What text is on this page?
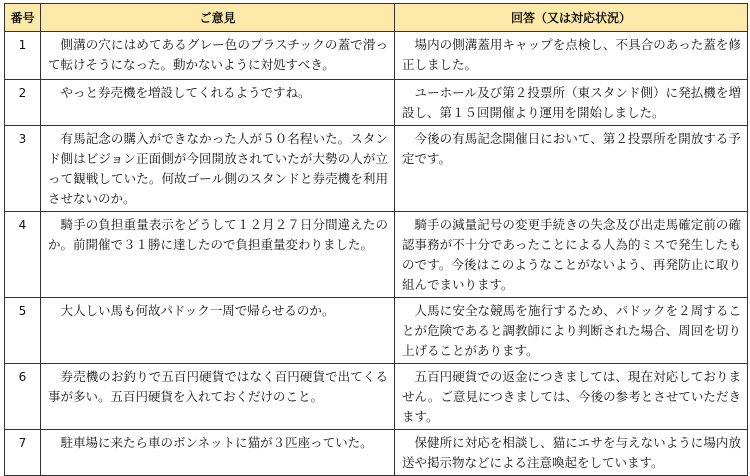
番号	ご意見	回答（又は対応状況）
1	側溝の穴にはめてあるグレー色のプラスチックの蓋で滑って転けそうになった。動かないように対処すべき。	場内の側溝蓋用キャップを点検し、不具合のあった蓋を修正しました。

2	やっと券売機を増設してくれるようですね。	ユーホール及び第２投票所（東スタンド側）に発払機を増設し、第１５回開催より運用を開始しました。

3	有馬記念の購入ができなかった人が５０名程いた。スタンド側はビジョン正面側が今回開放されていたが大勢の人が立って観戦していた。何故ゴール側のスタンドと券売機を利用させないのか。	今後の有馬記念開催日において、第２投票所を開放する予定です。

4	騎手の負担重量表示をどうして１２月２７日分間違えたのか。前開催で３１勝に達したので負担重量変わりました。	騎手の減量記号の変更手続きの失念及び出走馬確定前の確認事務が不十分であったことによる人為的ミスで発生したものです。今後はこのようなことがないよう、再発防止に取り組んでまいります。

5	大人しい馬も何故パドック一周で帰らせるのか。	人馬に安全な競馬を施行するため、パドックを２周することが危険であると調教師により判断された場合、周回を切り上げることがあります。

6	券売機のお釣りで五百円硬貨ではなく百円硬貨で出てくる事が多い。五百円硬貨を入れておくだけのこと。	五百円硬貨での返金につきましては、現在対応しておりません。ご意見につきましては、今後の参考とさせていただきます。

7	駐車場に来たら車のボンネットに猫が３匹座っていた。	保健所に対応を相談し、猫にエサを与えないように場内放送や掲示物などによる注意喚起をしています。
